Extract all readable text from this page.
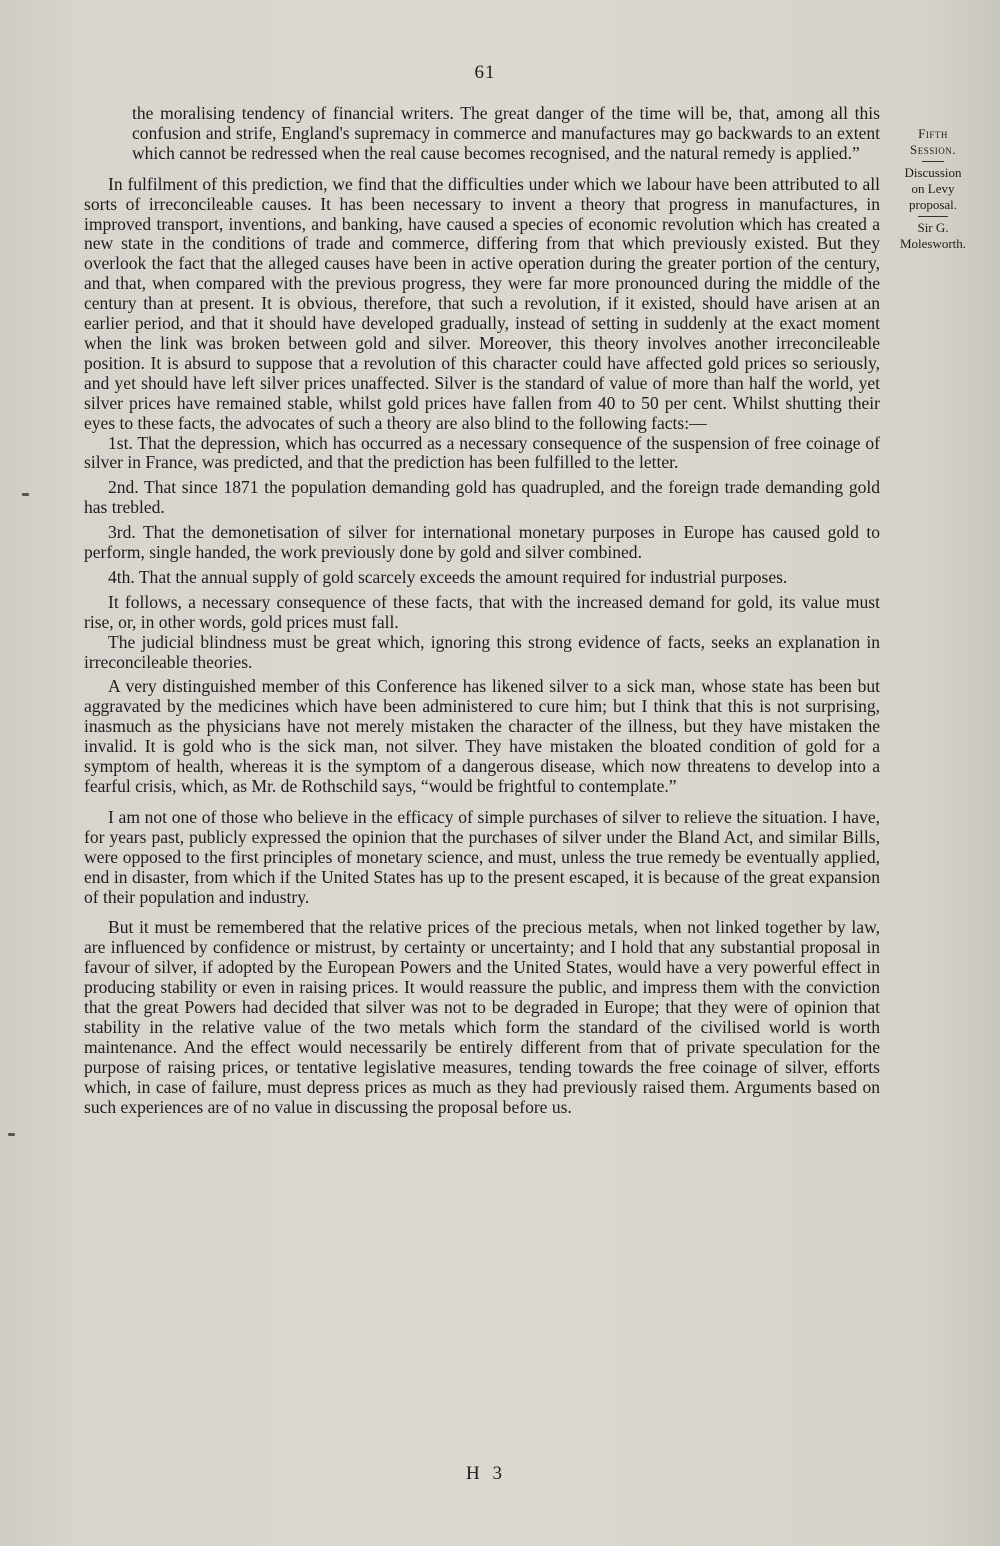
61

the moralising tendency of financial writers. The great danger of the time will be, that, among all this confusion and strife, England's supremacy in commerce and manufactures may go backwards to an extent which cannot be redressed when the real cause becomes recognised, and the natural remedy is applied.”

In fulfilment of this prediction, we find that the difficulties under which we labour have been attributed to all sorts of irreconcileable causes. It has been necessary to invent a theory that progress in manufactures, in improved transport, inventions, and banking, have caused a species of economic revolution which has created a new state in the conditions of trade and commerce, differing from that which previously existed. But they overlook the fact that the alleged causes have been in active operation during the greater portion of the century, and that, when compared with the previous progress, they were far more pronounced during the middle of the century than at present. It is obvious, therefore, that such a revolution, if it existed, should have arisen at an earlier period, and that it should have developed gradually, instead of setting in suddenly at the exact moment when the link was broken between gold and silver. Moreover, this theory involves another irreconcileable position. It is absurd to suppose that a revolution of this character could have affected gold prices so seriously, and yet should have left silver prices unaffected. Silver is the standard of value of more than half the world, yet silver prices have remained stable, whilst gold prices have fallen from 40 to 50 per cent. Whilst shutting their eyes to these facts, the advocates of such a theory are also blind to the following facts:—

1st. That the depression, which has occurred as a necessary consequence of the suspension of free coinage of silver in France, was predicted, and that the prediction has been fulfilled to the letter.

2nd. That since 1871 the population demanding gold has quadrupled, and the foreign trade demanding gold has trebled.

3rd. That the demonetisation of silver for international monetary purposes in Europe has caused gold to perform, single handed, the work previously done by gold and silver combined.

4th. That the annual supply of gold scarcely exceeds the amount required for industrial purposes.

It follows, a necessary consequence of these facts, that with the increased demand for gold, its value must rise, or, in other words, gold prices must fall.

The judicial blindness must be great which, ignoring this strong evidence of facts, seeks an explanation in irreconcileable theories.

A very distinguished member of this Conference has likened silver to a sick man, whose state has been but aggravated by the medicines which have been administered to cure him; but I think that this is not surprising, inasmuch as the physicians have not merely mistaken the character of the illness, but they have mistaken the invalid. It is gold who is the sick man, not silver. They have mistaken the bloated condition of gold for a symptom of health, whereas it is the symptom of a dangerous disease, which now threatens to develop into a fearful crisis, which, as Mr. de Rothschild says, “would be frightful to contemplate.”

I am not one of those who believe in the efficacy of simple purchases of silver to relieve the situation. I have, for years past, publicly expressed the opinion that the purchases of silver under the Bland Act, and similar Bills, were opposed to the first principles of monetary science, and must, unless the true remedy be eventually applied, end in disaster, from which if the United States has up to the present escaped, it is because of the great expansion of their population and industry.

But it must be remembered that the relative prices of the precious metals, when not linked together by law, are influenced by confidence or mistrust, by certainty or uncertainty; and I hold that any substantial proposal in favour of silver, if adopted by the European Powers and the United States, would have a very powerful effect in producing stability or even in raising prices. It would reassure the public, and impress them with the conviction that the great Powers had decided that silver was not to be degraded in Europe; that they were of opinion that stability in the relative value of the two metals which form the standard of the civilised world is worth maintenance. And the effect would necessarily be entirely different from that of private speculation for the purpose of raising prices, or tentative legislative measures, tending towards the free coinage of silver, efforts which, in case of failure, must depress prices as much as they had previously raised them. Arguments based on such experiences are of no value in discussing the proposal before us.

Fifth
Session.
Discussion
on Levy
proposal.
Sir G.
Molesworth.
H 3
